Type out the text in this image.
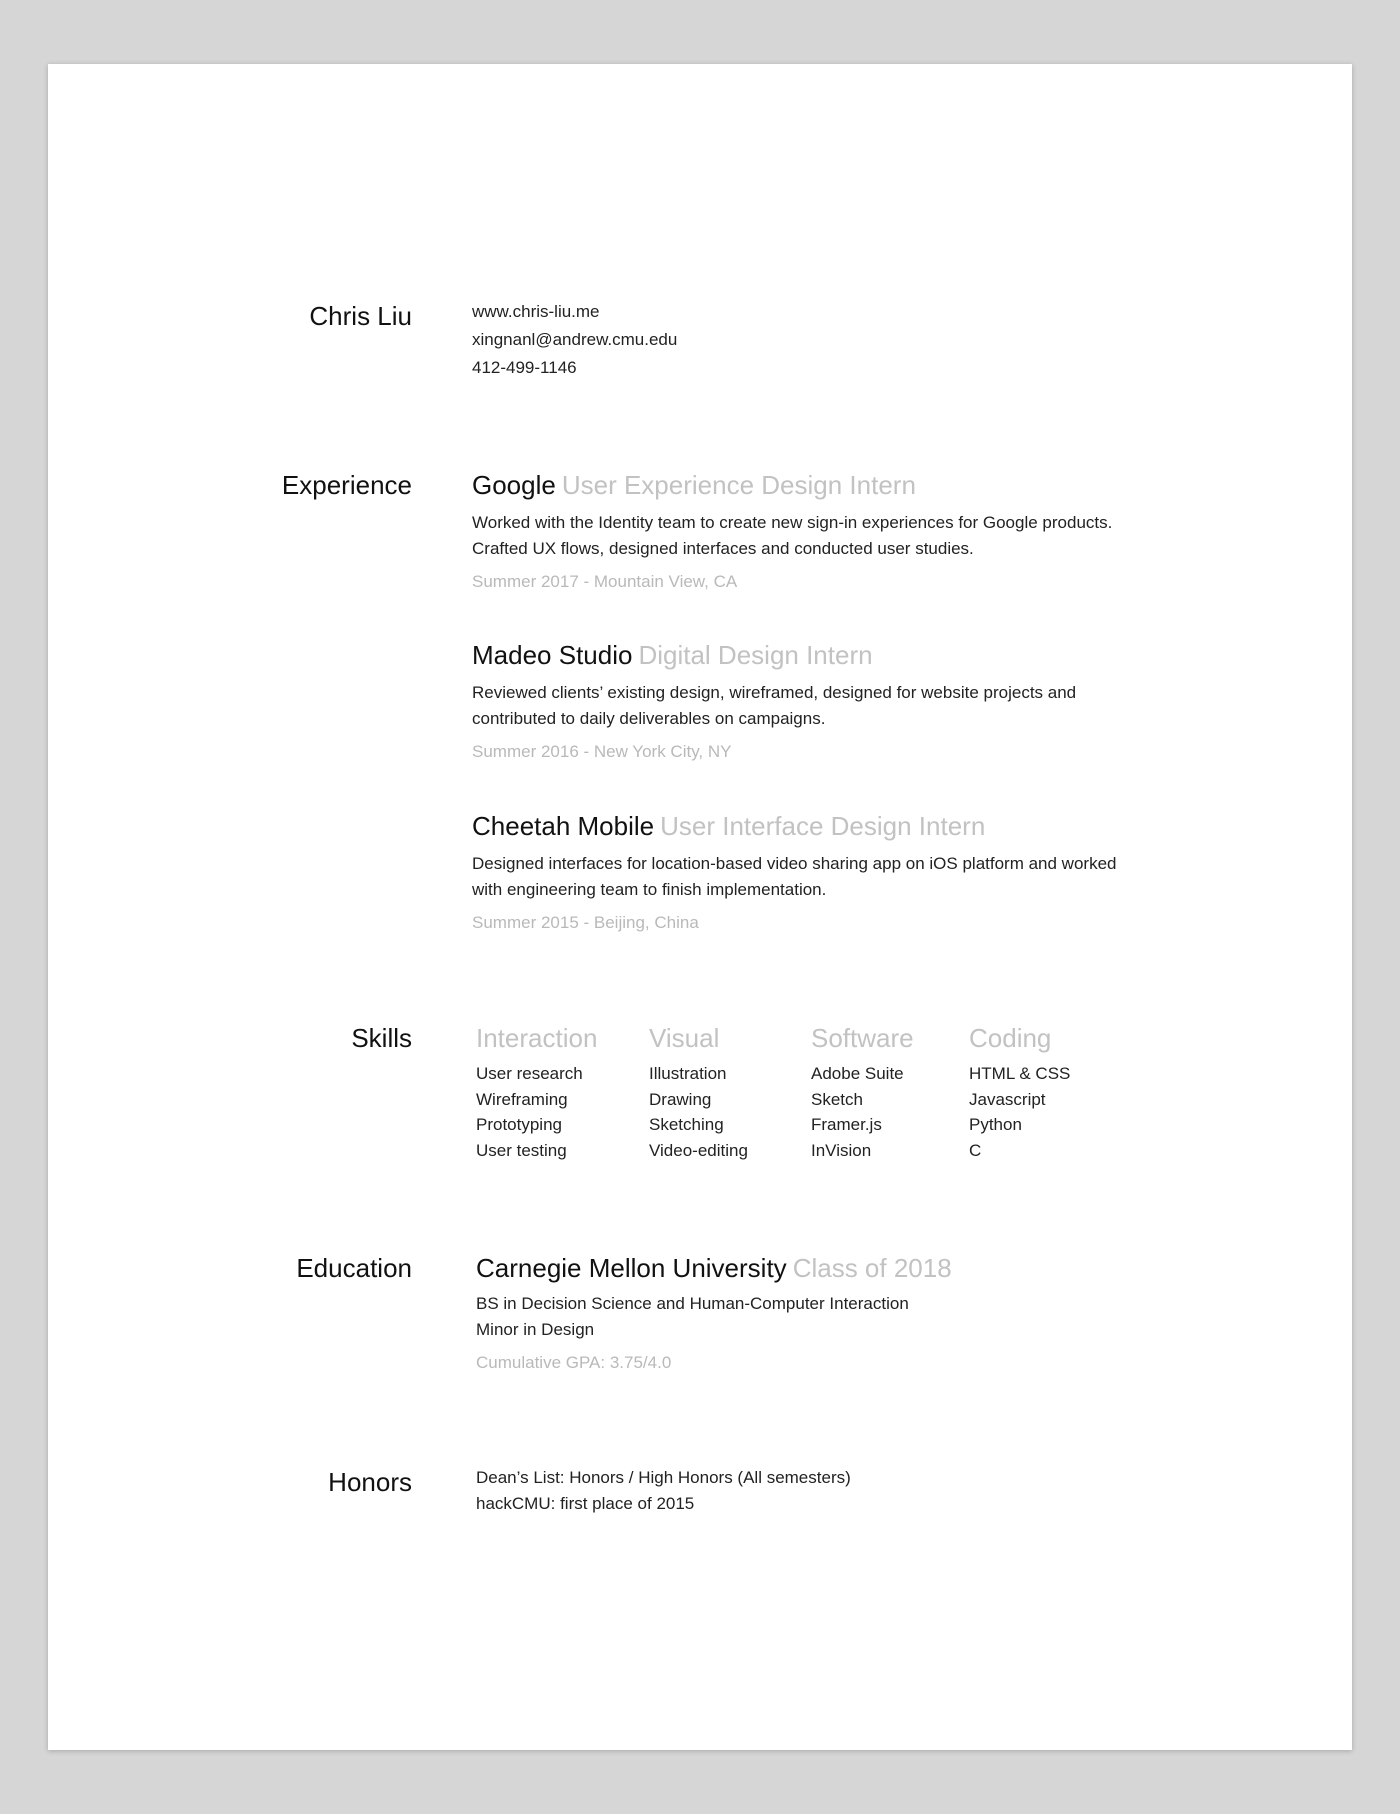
Chris Liu	www.chris-liu.me
xingnanl@andrew.cmu.edu
412-499-1146
Experience Google User Experience Design Intern
Worked with the Identity team to create new sign-in experiences for Google products.
Crafted UX flows, designed interfaces and conducted user studies.
Summer 2017 - Mountain View, CA
Madeo Studio Digital Design Intern
Reviewed clients’ existing design, wireframed, designed for website projects and
contributed to daily deliverables on campaigns.
Summer 2016 - New York City, NY
Cheetah Mobile User Interface Design Intern
Designed interfaces for location-based video sharing app on iOS platform and worked
with engineering team to finish implementation.
Summer 2015 - Beijing, China
Skills Interaction
User research
Wireframing
Prototyping
User testing
Visual
Illustration
Drawing
Sketching
Video-editing
Software
Adobe Suite
Sketch
Framer.js
InVision
Coding
HTML & CSS
Javascript
Python
C
Education Carnegie Mellon University Class of 2018
BS in Decision Science and Human-Computer Interaction
Minor in Design
Cumulative GPA: 3.75/4.0
Honors	Dean’s List: Honors / High Honors (All semesters)
hackCMU: first place of 2015
